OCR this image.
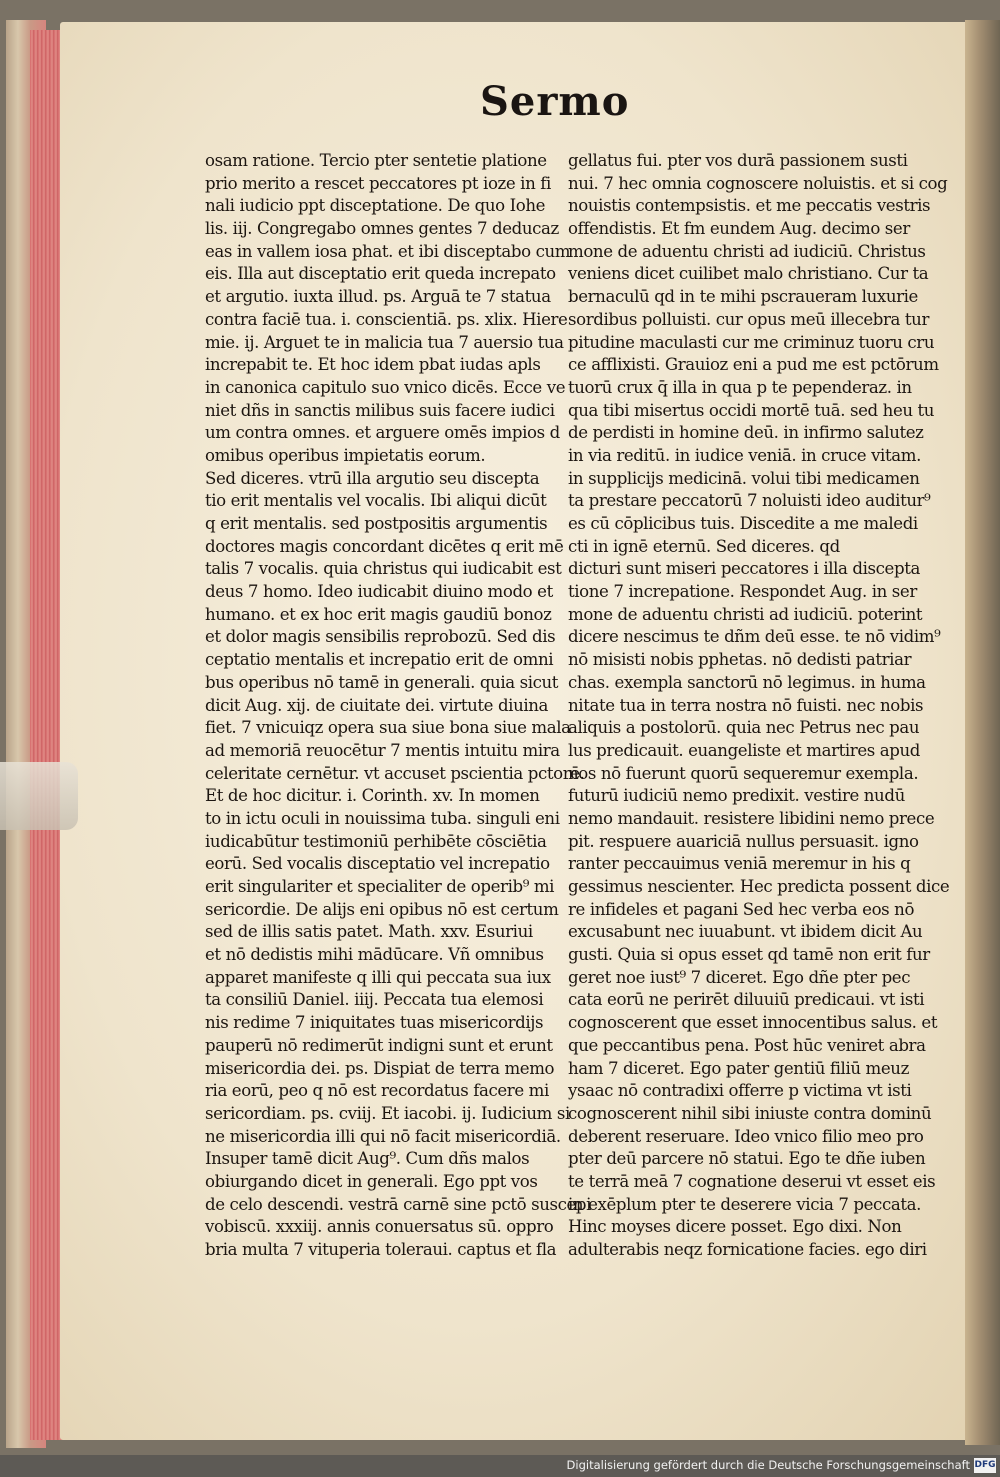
Sermo
osam ratione. Tercio pter sentetie platione
prio merito a rescet peccatores pt ioze in fi
nali iudicio ppt disceptatione. De quo Iohe
lis. iij. Congregabo omnes gentes 7 deducaz
eas in vallem iosa phat. et ibi disceptabo cum
eis. Illa aut disceptatio erit queda increpato
et argutio. iuxta illud. ps. Arguā te 7 statua
contra faciē tua. i. conscientiā. ps. xlix. Hiere
mie. ij. Arguet te in malicia tua 7 auersio tua
increpabit te. Et hoc idem pbat iudas apls
in canonica capitulo suo vnico dicēs. Ecce ve
niet dñs in sanctis milibus suis facere iudici
um contra omnes. et arguere omēs impios d
omibus operibus impietatis eorum.
Sed diceres. vtrū illa argutio seu discepta
tio erit mentalis vel vocalis. Ibi aliqui dicūt
q erit mentalis. sed postpositis argumentis
doctores magis concordant dicētes q erit mē
talis 7 vocalis. quia christus qui iudicabit est
deus 7 homo. Ideo iudicabit diuino modo et
humano. et ex hoc erit magis gaudiū bonoz
et dolor magis sensibilis reprobozū. Sed dis
ceptatio mentalis et increpatio erit de omni
bus operibus nō tamē in generali. quia sicut
dicit Aug. xij. de ciuitate dei. virtute diuina
fiet. 7 vnicuiqz opera sua siue bona siue mala
ad memoriā reuocētur 7 mentis intuitu mira
celeritate cernētur. vt accuset pscientia pctorē.
Et de hoc dicitur. i. Corinth. xv. In momen
to in ictu oculi in nouissima tuba. singuli eni
iudicabūtur testimoniū perhibēte cōsciētia
eorū. Sed vocalis disceptatio vel increpatio
erit singulariter et specialiter de operib⁹ mi
sericordie. De alijs eni opibus nō est certum
sed de illis satis patet. Math. xxv. Esuriui
et nō dedistis mihi mādūcare. Vñ omnibus
apparet manifeste q illi qui peccata sua iux
ta consiliū Daniel. iiij. Peccata tua elemosi
nis redime 7 iniquitates tuas misericordijs
pauperū nō redimerūt indigni sunt et erunt
misericordia dei. ps. Dispiat de terra memo
ria eorū, peo q nō est recordatus facere mi
sericordiam. ps. cviij. Et iacobi. ij. Iudicium si
ne misericordia illi qui nō facit misericordiā.
Insuper tamē dicit Aug⁹. Cum dñs malos
obiurgando dicet in generali. Ego ppt vos
de celo descendi. vestrā carnē sine pctō suscepi
vobiscū. xxxiij. annis conuersatus sū. oppro
bria multa 7 vituperia toleraui. captus et fla
gellatus fui. pter vos durā passionem susti
nui. 7 hec omnia cognoscere noluistis. et si cog
nouistis contempsistis. et me peccatis vestris
offendistis. Et fm eundem Aug. decimo ser
mone de aduentu christi ad iudiciū. Christus
veniens dicet cuilibet malo christiano. Cur ta
bernaculū qd in te mihi pscraueram luxurie
sordibus polluisti. cur opus meū illecebra tur
pitudine maculasti cur me criminuz tuoru cru
ce afflixisti. Grauioz eni a pud me est pctōrum
tuorū crux q̄ illa in qua p te pependeraz. in
qua tibi misertus occidi mortē tuā. sed heu tu
de perdisti in homine deū. in infirmo salutez
in via reditū. in iudice veniā. in cruce vitam.
in supplicijs medicinā. volui tibi medicamen
ta prestare peccatorū 7 noluisti ideo auditur⁹
es cū cōplicibus tuis. Discedite a me maledi
cti in ignē eternū. Sed diceres. qd
dicturi sunt miseri peccatores i illa discepta
tione 7 increpatione. Respondet Aug. in ser
mone de aduentu christi ad iudiciū. poterint
dicere nescimus te dñm deū esse. te nō vidim⁹
nō misisti nobis pphetas. nō dedisti patriar
chas. exempla sanctorū nō legimus. in huma
nitate tua in terra nostra nō fuisti. nec nobis
aliquis a postolorū. quia nec Petrus nec pau
lus predicauit. euangeliste et martires apud
nos nō fuerunt quorū sequeremur exempla.
futurū iudiciū nemo predixit. vestire nudū
nemo mandauit. resistere libidini nemo prece
pit. respuere auariciā nullus persuasit. igno
ranter peccauimus veniā meremur in his q
gessimus nescienter. Hec predicta possent dice
re infideles et pagani Sed hec verba eos nō
excusabunt nec iuuabunt. vt ibidem dicit Au
gusti. Quia si opus esset qd tamē non erit fur
geret noe iust⁹ 7 diceret. Ego dñe pter pec
cata eorū ne perirēt diluuiū predicaui. vt isti
cognoscerent que esset innocentibus salus. et
que peccantibus pena. Post hūc veniret abra
ham 7 diceret. Ego pater gentiū filiū meuz
ysaac nō contradixi offerre p victima vt isti
cognoscerent nihil sibi iniuste contra dominū
deberent reseruare. Ideo vnico filio meo pro
pter deū parcere nō statui. Ego te dñe iuben
te terrā meā 7 cognatione deserui vt esset eis
in exēplum pter te deserere vicia 7 peccata.
Hinc moyses dicere posset. Ego dixi. Non
adulterabis neqz fornicatione facies. ego diri
Digitalisierung gefördert durch die Deutsche Forschungsgemeinschaft DFG
